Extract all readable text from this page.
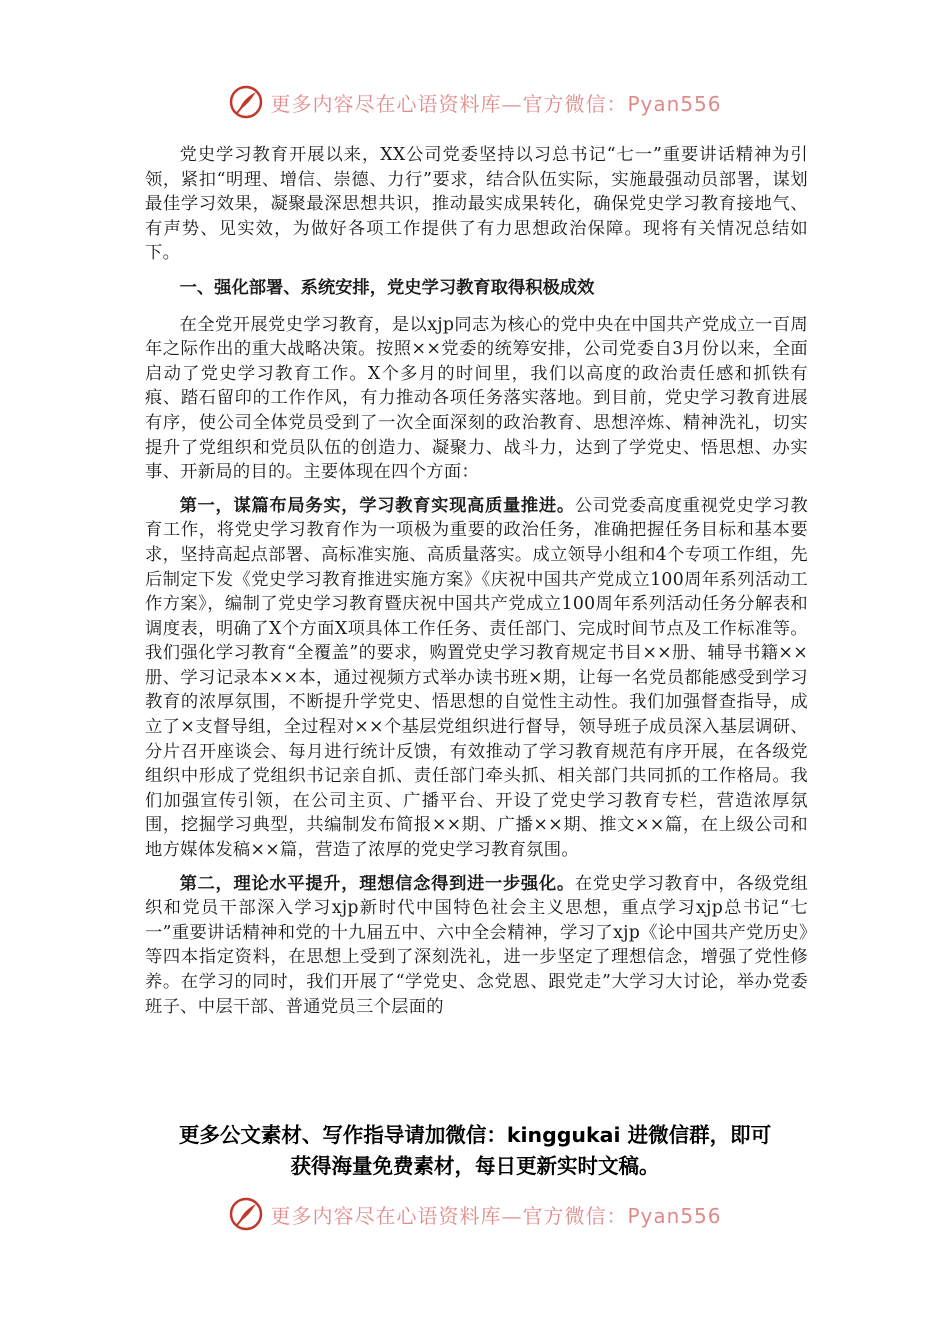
更多内容尽在心语资料库—官方微信：Pyan556

党史学习教育开展以来，XX公司党委坚持以习总书记“七一”重要讲话精神为引领，紧扣“明理、增信、崇德、力行”要求，结合队伍实际，实施最强动员部署，谋划最佳学习效果，凝聚最深思想共识，推动最实成果转化，确保党史学习教育接地气、有声势、见实效，为做好各项工作提供了有力思想政治保障。现将有关情况总结如下。

一、强化部署、系统安排，党史学习教育取得积极成效

在全党开展党史学习教育，是以xjp同志为核心的党中央在中国共产党成立一百周年之际作出的重大战略决策。按照××党委的统筹安排，公司党委自3月份以来，全面启动了党史学习教育工作。X个多月的时间里，我们以高度的政治责任感和抓铁有痕、踏石留印的工作作风，有力推动各项任务落实落地。到目前，党史学习教育进展有序，使公司全体党员受到了一次全面深刻的政治教育、思想淬炼、精神洗礼，切实提升了党组织和党员队伍的创造力、凝聚力、战斗力，达到了学党史、悟思想、办实事、开新局的目的。主要体现在四个方面：

第一，谋篇布局务实，学习教育实现高质量推进。公司党委高度重视党史学习教育工作，将党史学习教育作为一项极为重要的政治任务，准确把握任务目标和基本要求，坚持高起点部署、高标准实施、高质量落实。成立领导小组和4个专项工作组，先后制定下发《党史学习教育推进实施方案》《庆祝中国共产党成立100周年系列活动工作方案》，编制了党史学习教育暨庆祝中国共产党成立100周年系列活动任务分解表和调度表，明确了X个方面X项具体工作任务、责任部门、完成时间节点及工作标准等。我们强化学习教育“全覆盖”的要求，购置党史学习教育规定书目××册、辅导书籍××册、学习记录本××本，通过视频方式举办读书班×期，让每一名党员都能感受到学习教育的浓厚氛围，不断提升学党史、悟思想的自觉性主动性。我们加强督查指导，成立了×支督导组，全过程对××个基层党组织进行督导，领导班子成员深入基层调研、分片召开座谈会、每月进行统计反馈，有效推动了学习教育规范有序开展，在各级党组织中形成了党组织书记亲自抓、责任部门牵头抓、相关部门共同抓的工作格局。我们加强宣传引领，在公司主页、广播平台、开设了党史学习教育专栏，营造浓厚氛围，挖掘学习典型，共编制发布简报××期、广播××期、推文××篇，在上级公司和地方媒体发稿××篇，营造了浓厚的党史学习教育氛围。

第二，理论水平提升，理想信念得到进一步强化。在党史学习教育中，各级党组织和党员干部深入学习xjp新时代中国特色社会主义思想，重点学习xjp总书记“七一”重要讲话精神和党的十九届五中、六中全会精神，学习了xjp《论中国共产党历史》等四本指定资料，在思想上受到了深刻洗礼，进一步坚定了理想信念，增强了党性修养。在学习的同时，我们开展了“学党史、念党恩、跟党走”大学习大讨论，举办党委班子、中层干部、普通党员三个层面的

更多公文素材、写作指导请加微信：kinggukai 进微信群，即可
获得海量免费素材，每日更新实时文稿。
更多内容尽在心语资料库—官方微信：Pyan556
